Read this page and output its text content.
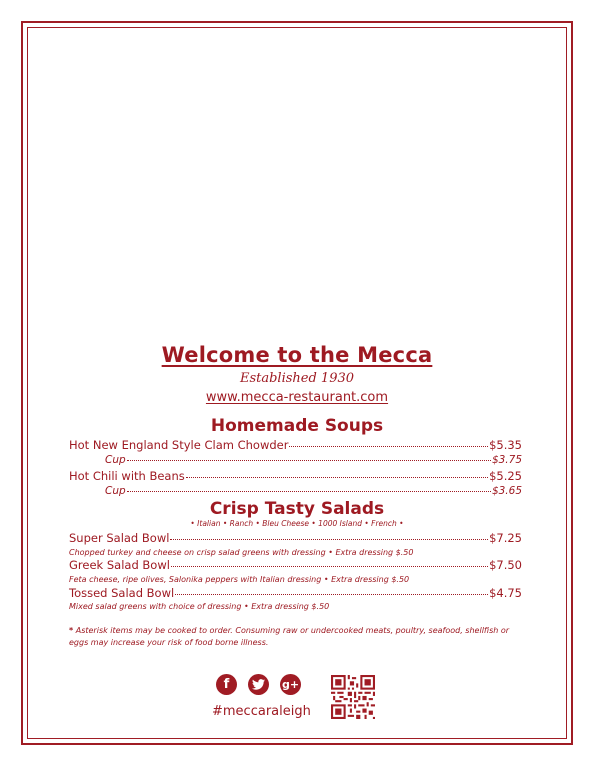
Welcome to the Mecca
Established 1930
www.mecca-restaurant.com
Homemade Soups
Hot New England Style Clam Chowder	$5.35
Cup	$3.75
Hot Chili with Beans	$5.25
Cup	$3.65
Crisp Tasty Salads
• Italian • Ranch • Bleu Cheese • 1000 Island • French •
Super Salad Bowl	$7.25
Chopped turkey and cheese on crisp salad greens with dressing • Extra dressing $.50
Greek Salad Bowl	$7.50
Feta cheese, ripe olives, Salonika peppers with Italian dressing • Extra dressing $.50
Tossed Salad Bowl	$4.75
Mixed salad greens with choice of dressing • Extra dressing $.50
* Asterisk items may be cooked to order. Consuming raw or undercooked meats, poultry, seafood, shellfish or eggs may increase your risk of food borne illness.
f	g+
#meccaraleigh
